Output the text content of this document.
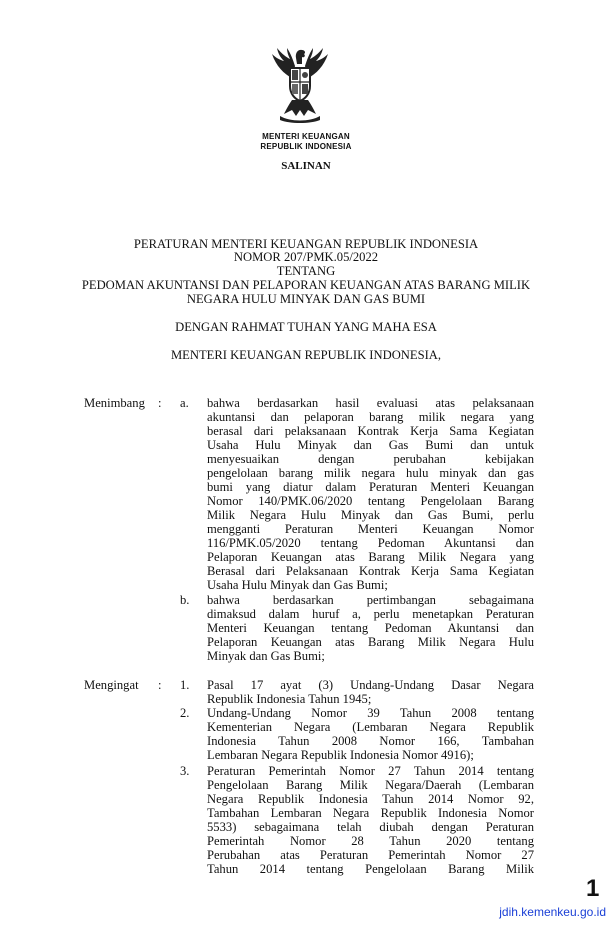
MENTERI KEUANGAN
REPUBLIK INDONESIA
SALINAN
PERATURAN MENTERI KEUANGAN REPUBLIK INDONESIA
NOMOR 207/PMK.05/2022
TENTANG
PEDOMAN AKUNTANSI DAN PELAPORAN KEUANGAN ATAS BARANG MILIK
NEGARA HULU MINYAK DAN GAS BUMI
DENGAN RAHMAT TUHAN YANG MAHA ESA
MENTERI KEUANGAN REPUBLIK INDONESIA,
Menimbang : a.
b.
bahwa berdasarkan hasil evaluasi atas pelaksanaan
akuntansi dan pelaporan barang milik negara yang
berasal dari pelaksanaan Kontrak Kerja Sama Kegiatan
Usaha Hulu Minyak dan Gas Bumi dan untuk
menyesuaikan dengan perubahan kebijakan
pengelolaan barang milik negara hulu minyak dan gas
bumi yang diatur dalam Peraturan Menteri Keuangan
Nomor 140/PMK.06/2020 tentang Pengelolaan Barang
Milik Negara Hulu Minyak dan Gas Bumi, perlu
mengganti Peraturan Menteri Keuangan Nomor
116/PMK.05/2020 tentang Pedoman Akuntansi dan
Pelaporan Keuangan atas Barang Milik Negara yang
Berasal dari Pelaksanaan Kontrak Kerja Sama Kegiatan
Usaha Hulu Minyak dan Gas Bumi;
bahwa berdasarkan pertimbangan sebagaimana
dimaksud dalam huruf a, perlu menetapkan Peraturan
Menteri Keuangan tentang Pedoman Akuntansi dan
Pelaporan Keuangan atas Barang Milik Negara Hulu
Minyak dan Gas Bumi;
Mengingat : 1.
2.
3.
Pasal 17 ayat (3) Undang-Undang Dasar Negara
Republik Indonesia Tahun 1945;
Undang-Undang Nomor 39 Tahun 2008 tentang
Kementerian Negara (Lembaran Negara Republik
Indonesia Tahun 2008 Nomor 166, Tambahan
Lembaran Negara Republik Indonesia Nomor 4916);
Peraturan Pemerintah Nomor 27 Tahun 2014 tentang
Pengelolaan Barang Milik Negara/Daerah (Lembaran
Negara Republik Indonesia Tahun 2014 Nomor 92,
Tambahan Lembaran Negara Republik Indonesia Nomor
5533) sebagaimana telah diubah dengan Peraturan
Pemerintah Nomor 28 Tahun 2020 tentang
Perubahan atas Peraturan Pemerintah Nomor 27
Tahun 2014 tentang Pengelolaan Barang Milik
1
jdih.kemenkeu.go.id
